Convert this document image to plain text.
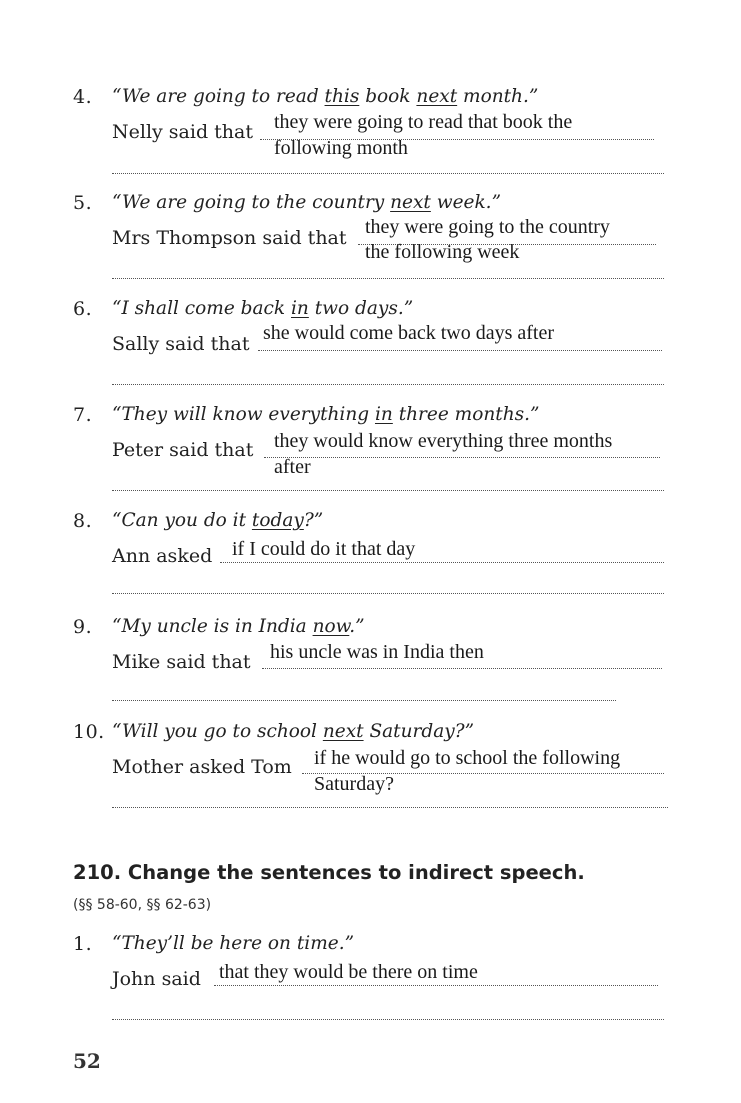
4. “We are going to read this book next month.”
Nelly said that they were going to read that book the
following month
5. “We are going to the country next week.”
Mrs Thompson said that they were going to the country
the following week
6. “I shall come back in two days.”
Sally said that she would come back two days after
7. “They will know everything in three months.”
Peter said that they would know everything three months
after
8. “Can you do it today?”
Ann asked if I could do it that day
9. “My uncle is in India now.”
Mike said that his uncle was in India then
10. “Will you go to school next Saturday?”
Mother asked Tom if he would go to school the following
Saturday?
210. Change the sentences to indirect speech.
(§§ 58-60, §§ 62-63)
1. “They’ll be here on time.”
John said that they would be there on time
52
